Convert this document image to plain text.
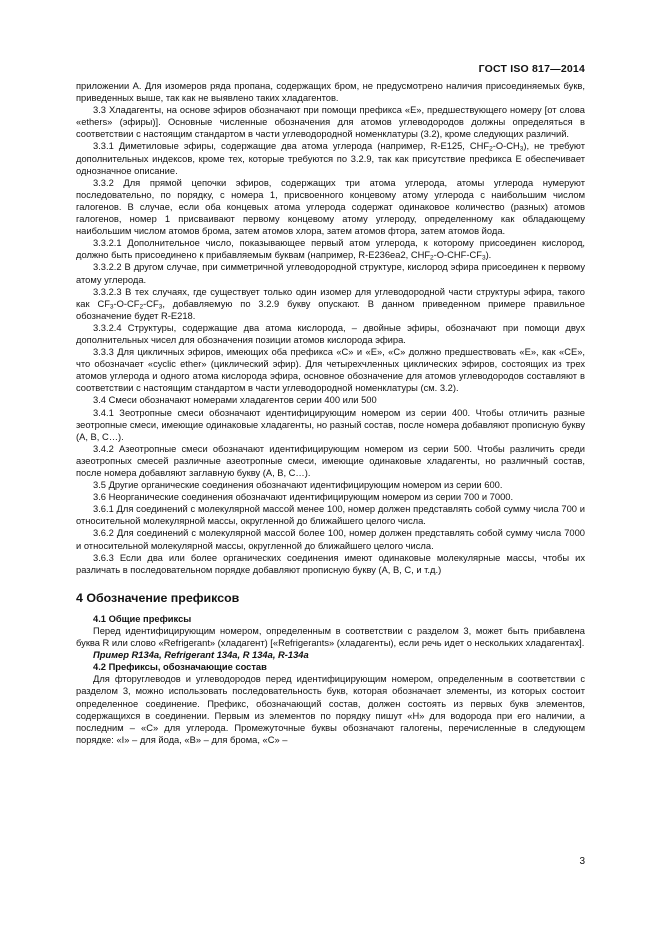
ГОСТ ISO 817—2014

приложении А. Для изомеров ряда пропана, содержащих бром, не предусмотрено наличия присоединяемых букв, приведенных выше, так как не выявлено таких хладагентов.

3.3 Хладагенты, на основе эфиров обозначают при помощи префикса «E», предшествующего номеру [от слова «ethers» (эфиры)]. Основные численные обозначения для атомов углеводородов должны определяться в соответствии с настоящим стандартом в части углеводородной номенклатуры (3.2), кроме следующих различий.

3.3.1 Диметиловые эфиры, содержащие два атома углерода (например, R-E125, $CHF_2-O-CH_3$), не требуют дополнительных индексов, кроме тех, которые требуются по 3.2.9, так как присутствие префикса Е обеспечивает однозначное описание.

3.3.2 Для прямой цепочки эфиров, содержащих три атома углерода, атомы углерода нумеруют последовательно, по порядку, с номера 1, присвоенного концевому атому углерода с наибольшим числом галогенов. В случае, если оба концевых атома углерода содержат одинаковое количество (разных) атомов галогенов, номер 1 присваивают первому концевому атому углероду, определенному как обладающему наибольшим числом атомов брома, затем атомов хлора, затем атомов фтора, затем атомов йода.

3.3.2.1 Дополнительное число, показывающее первый атом углерода, к которому присоединен кислород, должно быть присоединено к прибавляемым буквам (например, R-E236ea2, $CHF_2-O-CHF-CF_3$).

3.3.2.2 В другом случае, при симметричной углеводородной структуре, кислород эфира присоединен к первому атому углерода.

3.3.2.3 В тех случаях, где существует только один изомер для углеводородной части структуры эфира, такого как $CF_3-O-CF_2-CF_3$, добавляемую по 3.2.9 букву опускают. В данном приведенном примере правильное обозначение будет R-E218.

3.3.2.4 Структуры, содержащие два атома кислорода, – двойные эфиры, обозначают при помощи двух дополнительных чисел для обозначения позиции атомов кислорода эфира.

3.3.3 Для цикличных эфиров, имеющих оба префикса «C» и «E», «C» должно предшествовать «E», как «CE», что обозначает «cyclic ether» (циклический эфир). Для четырехчленных циклических эфиров, состоящих из трех атомов углерода и одного атома кислорода эфира, основное обозначение для атомов углеводородов составляют в соответствии с настоящим стандартом в части углеводородной номенклатуры (см. 3.2).

3.4 Смеси обозначают номерами хладагентов серии 400 или 500

3.4.1 Зеотропные смеси обозначают идентифицирующим номером из серии 400. Чтобы отличить разные зеотропные смеси, имеющие одинаковые хладагенты, но разный состав, после номера добавляют прописную букву (A, B, C…).

3.4.2 Азеотропные смеси обозначают идентифицирующим номером из серии 500. Чтобы различить среди азеотропных смесей различные азеотропные смеси, имеющие одинаковые хладагенты, но различный состав, после номера добавляют заглавную букву (A, B, C…).

3.5 Другие органические соединения обозначают идентифицирующим номером из серии 600.

3.6 Неорганические соединения обозначают идентифицирующим номером из серии 700 и 7000.

3.6.1 Для соединений с молекулярной массой менее 100, номер должен представлять собой сумму числа 700 и относительной молекулярной массы, округленной до ближайшего целого числа.

3.6.2 Для соединений с молекулярной массой более 100, номер должен представлять собой сумму числа 7000 и относительной молекулярной массы, округленной до ближайшего целого числа.

3.6.3 Если два или более органических соединения имеют одинаковые молекулярные массы, чтобы их различать в последовательном порядке добавляют прописную букву (A, B, C, и т.д.)

4 Обозначение префиксов

4.1 Общие префиксы

Перед идентифицирующим номером, определенным в соответствии с разделом 3, может быть прибавлена буква R или слово «Refrigerant» (хладагент) [«Refrigerants» (хладагенты), если речь идет о нескольких хладагентах].

Пример R134a, Refrigerant 134a, R 134a, R-134a

4.2 Префиксы, обозначающие состав

Для фторуглеводов и углеводородов перед идентифицирующим номером, определенным в соответствии с разделом 3, можно использовать последовательность букв, которая обозначает элементы, из которых состоит определенное соединение. Префикс, обозначающий состав, должен состоять из первых букв элементов, содержащихся в соединении. Первым из элементов по порядку пишут «H» для водорода при его наличии, а последним – «C» для углерода. Промежуточные буквы обозначают галогены, перечисленные в следующем порядке: «I» – для йода, «B» – для брома, «C» –

3
